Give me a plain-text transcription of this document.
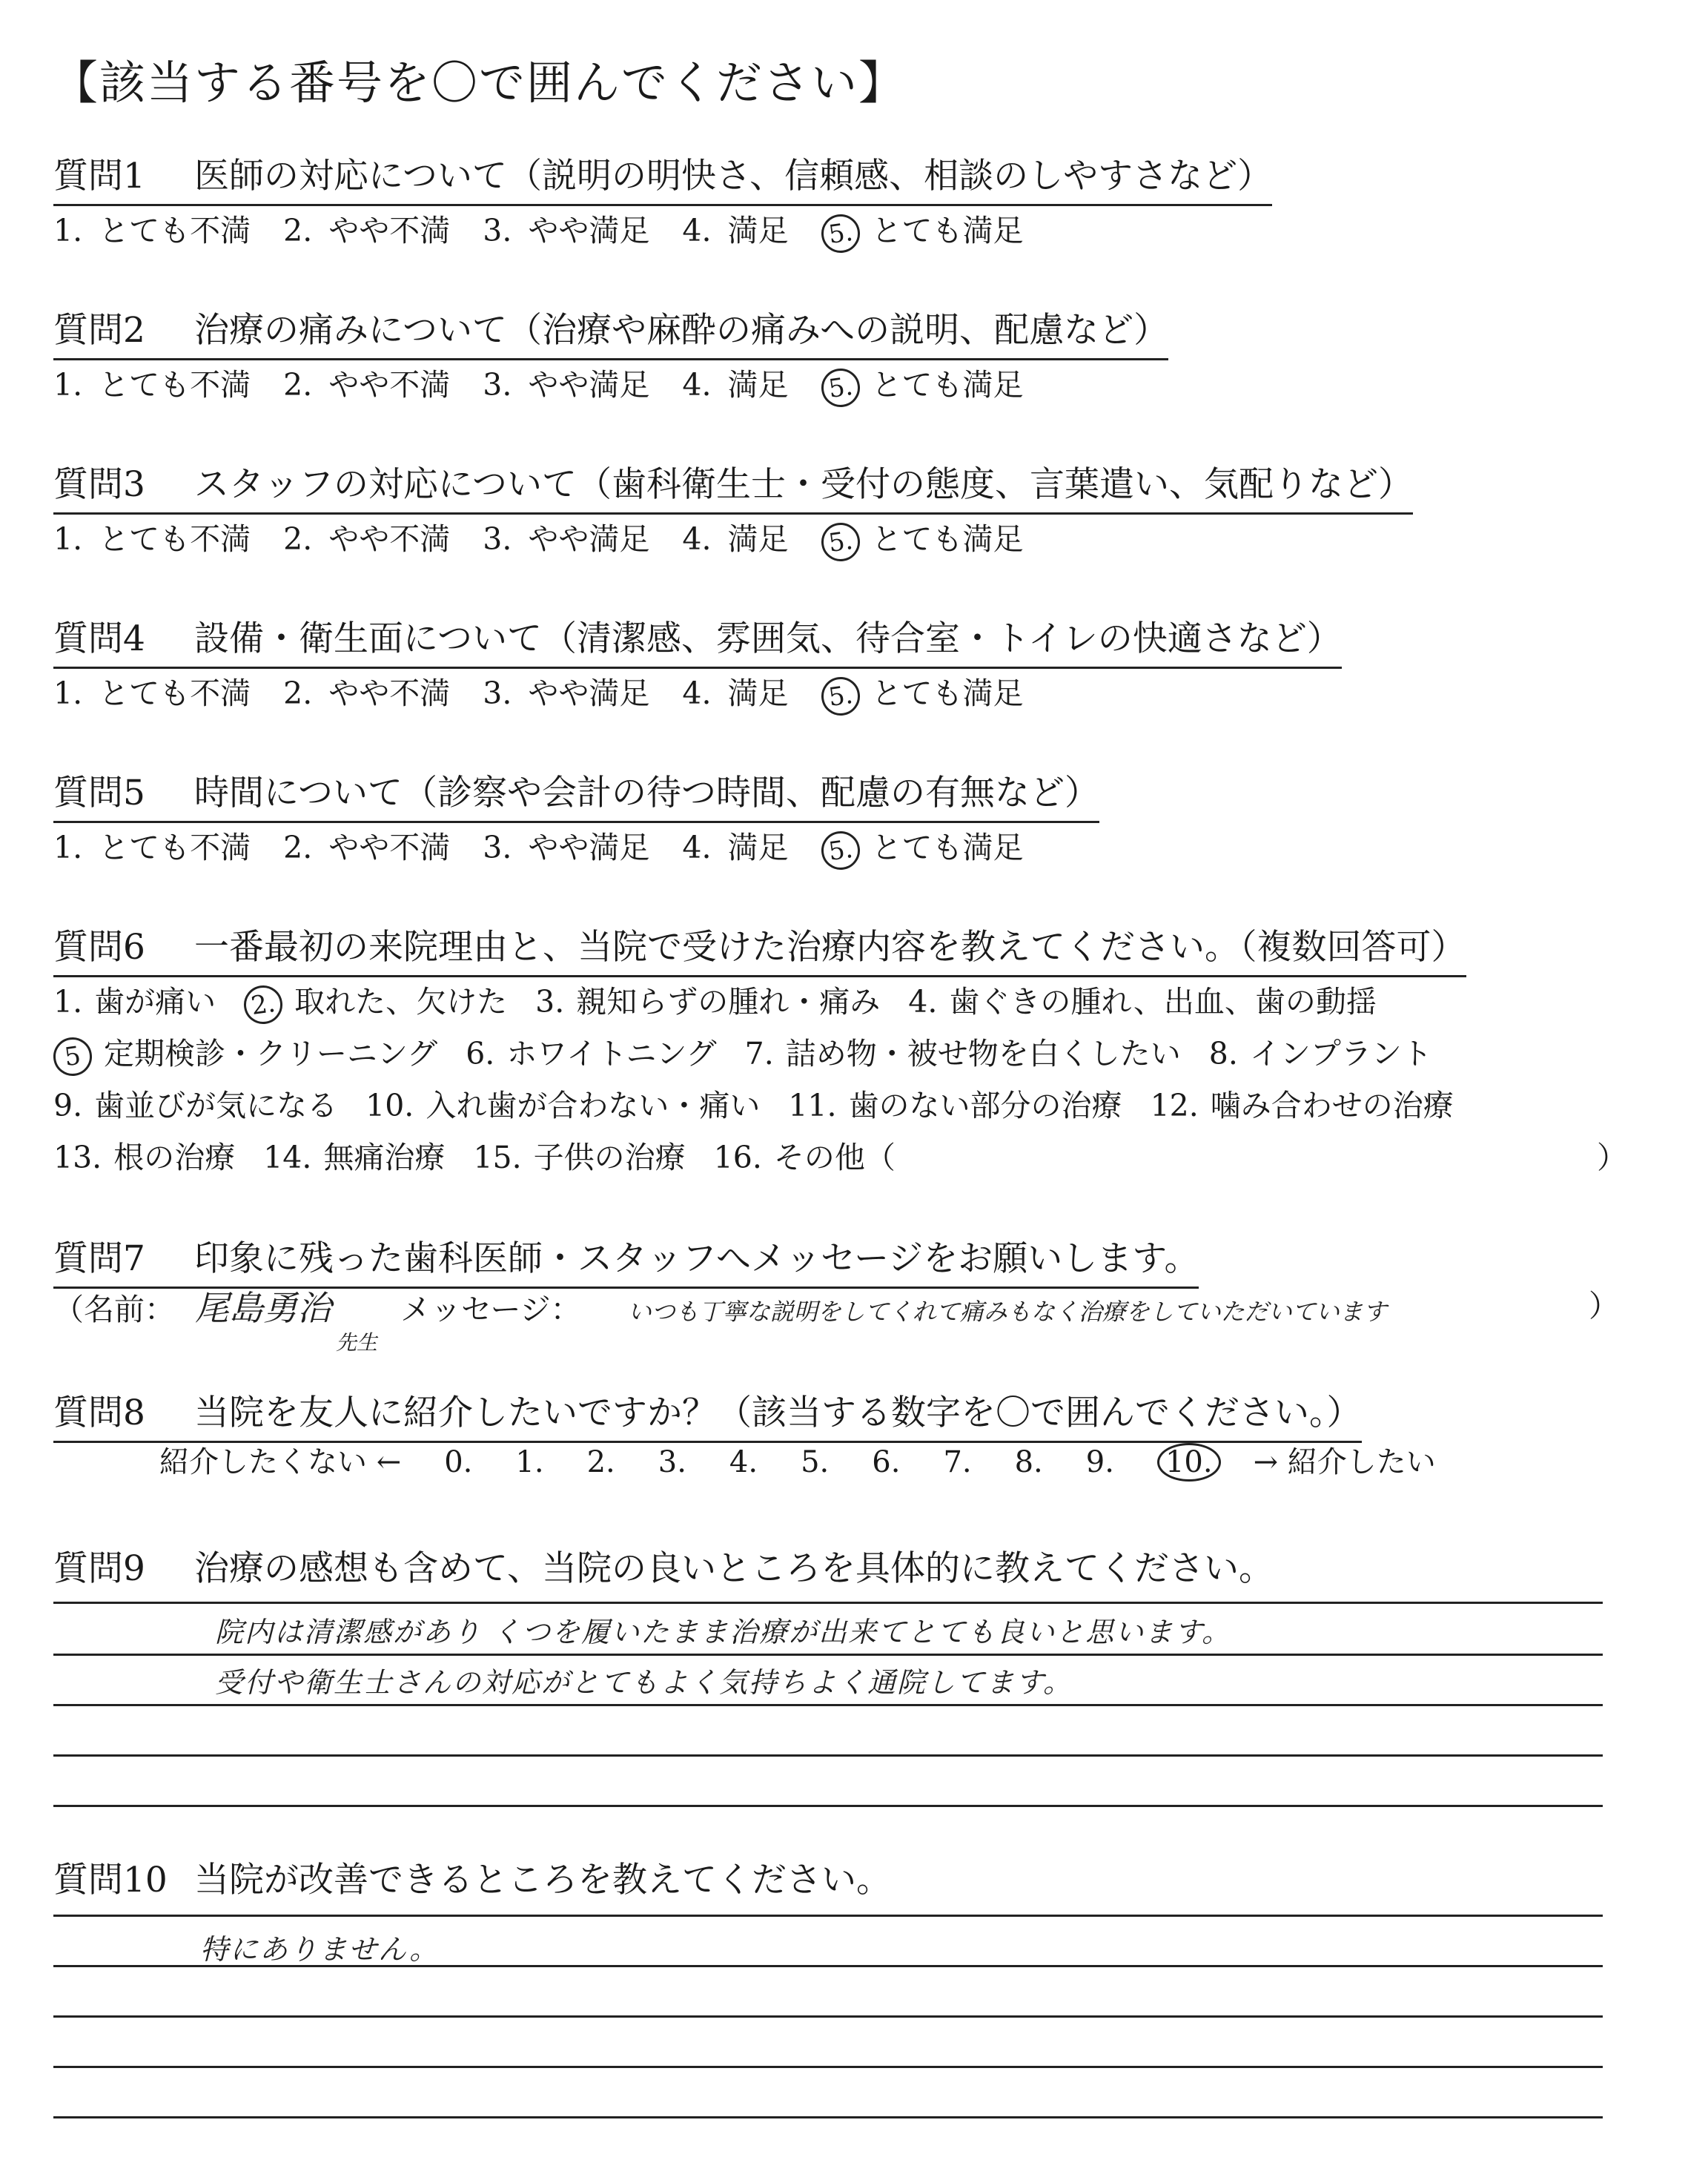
【該当する番号を〇で囲んでください】
質問1 医師の対応について（説明の明快さ、信頼感、相談のしやすさなど）
1. とても不満 2. やや不満 3. やや満足 4. 満足 5. とても満足
質問2 治療の痛みについて（治療や麻酔の痛みへの説明、配慮など）
1. とても不満 2. やや不満 3. やや満足 4. 満足 5. とても満足
質問3 スタッフの対応について（歯科衛生士・受付の態度、言葉遣い、気配りなど）
1. とても不満 2. やや不満 3. やや満足 4. 満足 5. とても満足
質問4 設備・衛生面について（清潔感、雰囲気、待合室・トイレの快適さなど）
1. とても不満 2. やや不満 3. やや満足 4. 満足 5. とても満足
質問5 時間について（診察や会計の待つ時間、配慮の有無など）
1. とても不満 2. やや不満 3. やや満足 4. 満足 5. とても満足
質問6 一番最初の来院理由と、当院で受けた治療内容を教えてください。（複数回答可）
1. 歯が痛い 2. 取れた、欠けた 3. 親知らずの腫れ・痛み 4. 歯ぐきの腫れ、出血、歯の動揺
5 定期検診・クリーニング 6. ホワイトニング 7. 詰め物・被せ物を白くしたい 8. インプラント
9. 歯並びが気になる 10. 入れ歯が合わない・痛い 11. 歯のない部分の治療 12. 噛み合わせの治療
13. 根の治療 14. 無痛治療 15. 子供の治療 16. その他（	）
質問7 印象に残った歯科医師・スタッフへメッセージをお願いします。
（名前： 尾島勇治
先生
メッセージ： いつも丁寧な説明をしてくれて痛みもなく治療をしていただいています	）
質問8 当院を友人に紹介したいですか？（該当する数字を〇で囲んでください。）
紹介したくない ← 0. 1. 2. 3. 4. 5. 6. 7. 8. 9. 10. → 紹介したい
質問9 治療の感想も含めて、当院の良いところを具体的に教えてください。
院内は清潔感があり くつを履いたまま治療が出来てとても良いと思います。
受付や衛生士さんの対応がとてもよく気持ちよく通院してます。
質問10 当院が改善できるところを教えてください。
特にありません。
